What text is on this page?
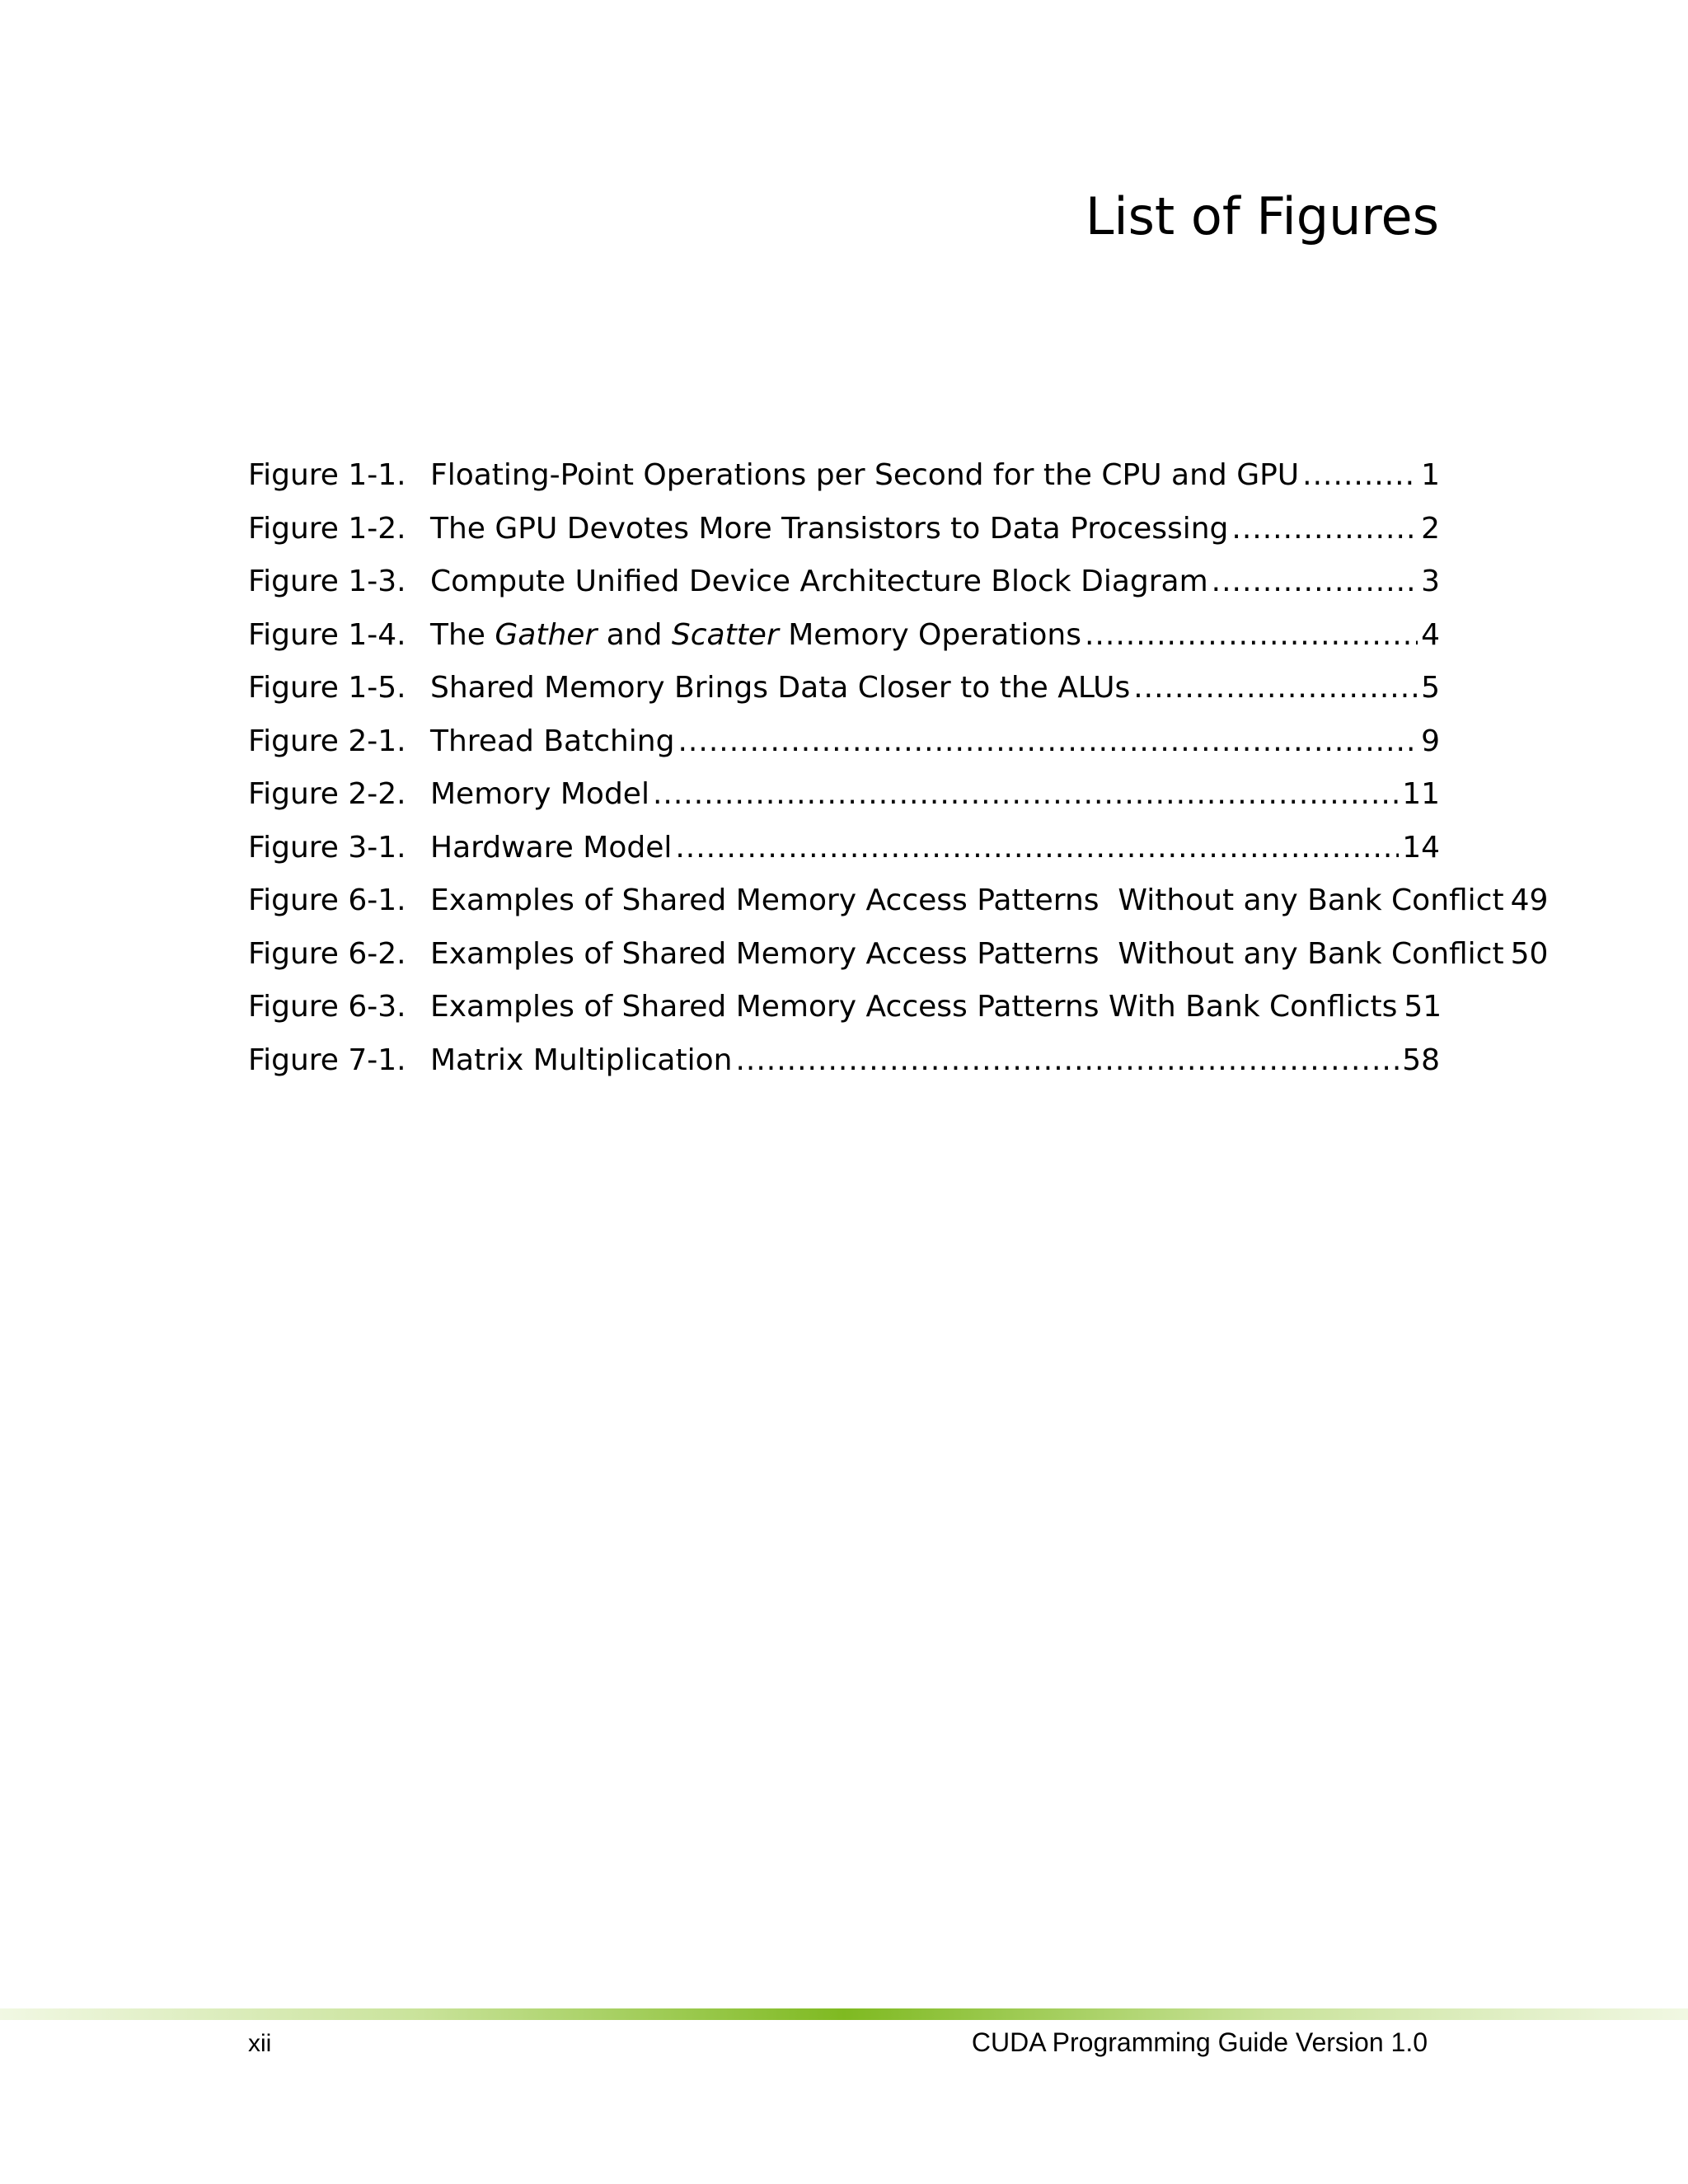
List of Figures
Figure 1-1. Floating-Point Operations per Second for the CPU and GPU .....	1
Figure 1-2. The GPU Devotes More Transistors to Data Processing .....	2
Figure 1-3. Compute Unified Device Architecture Block Diagram .....	3
Figure 1-4. The Gather and Scatter Memory Operations .....	4
Figure 1-5. Shared Memory Brings Data Closer to the ALUs .....	5
Figure 2-1. Thread Batching .....	9
Figure 2-2. Memory Model .....	11
Figure 3-1. Hardware Model .....	14
Figure 6-1. Examples of Shared Memory Access Patterns  Without any Bank Conflict 49
Figure 6-2. Examples of Shared Memory Access Patterns  Without any Bank Conflict 50
Figure 6-3. Examples of Shared Memory Access Patterns With Bank Conflicts 51
Figure 7-1. Matrix Multiplication .....	58
xii	CUDA Programming Guide Version 1.0
